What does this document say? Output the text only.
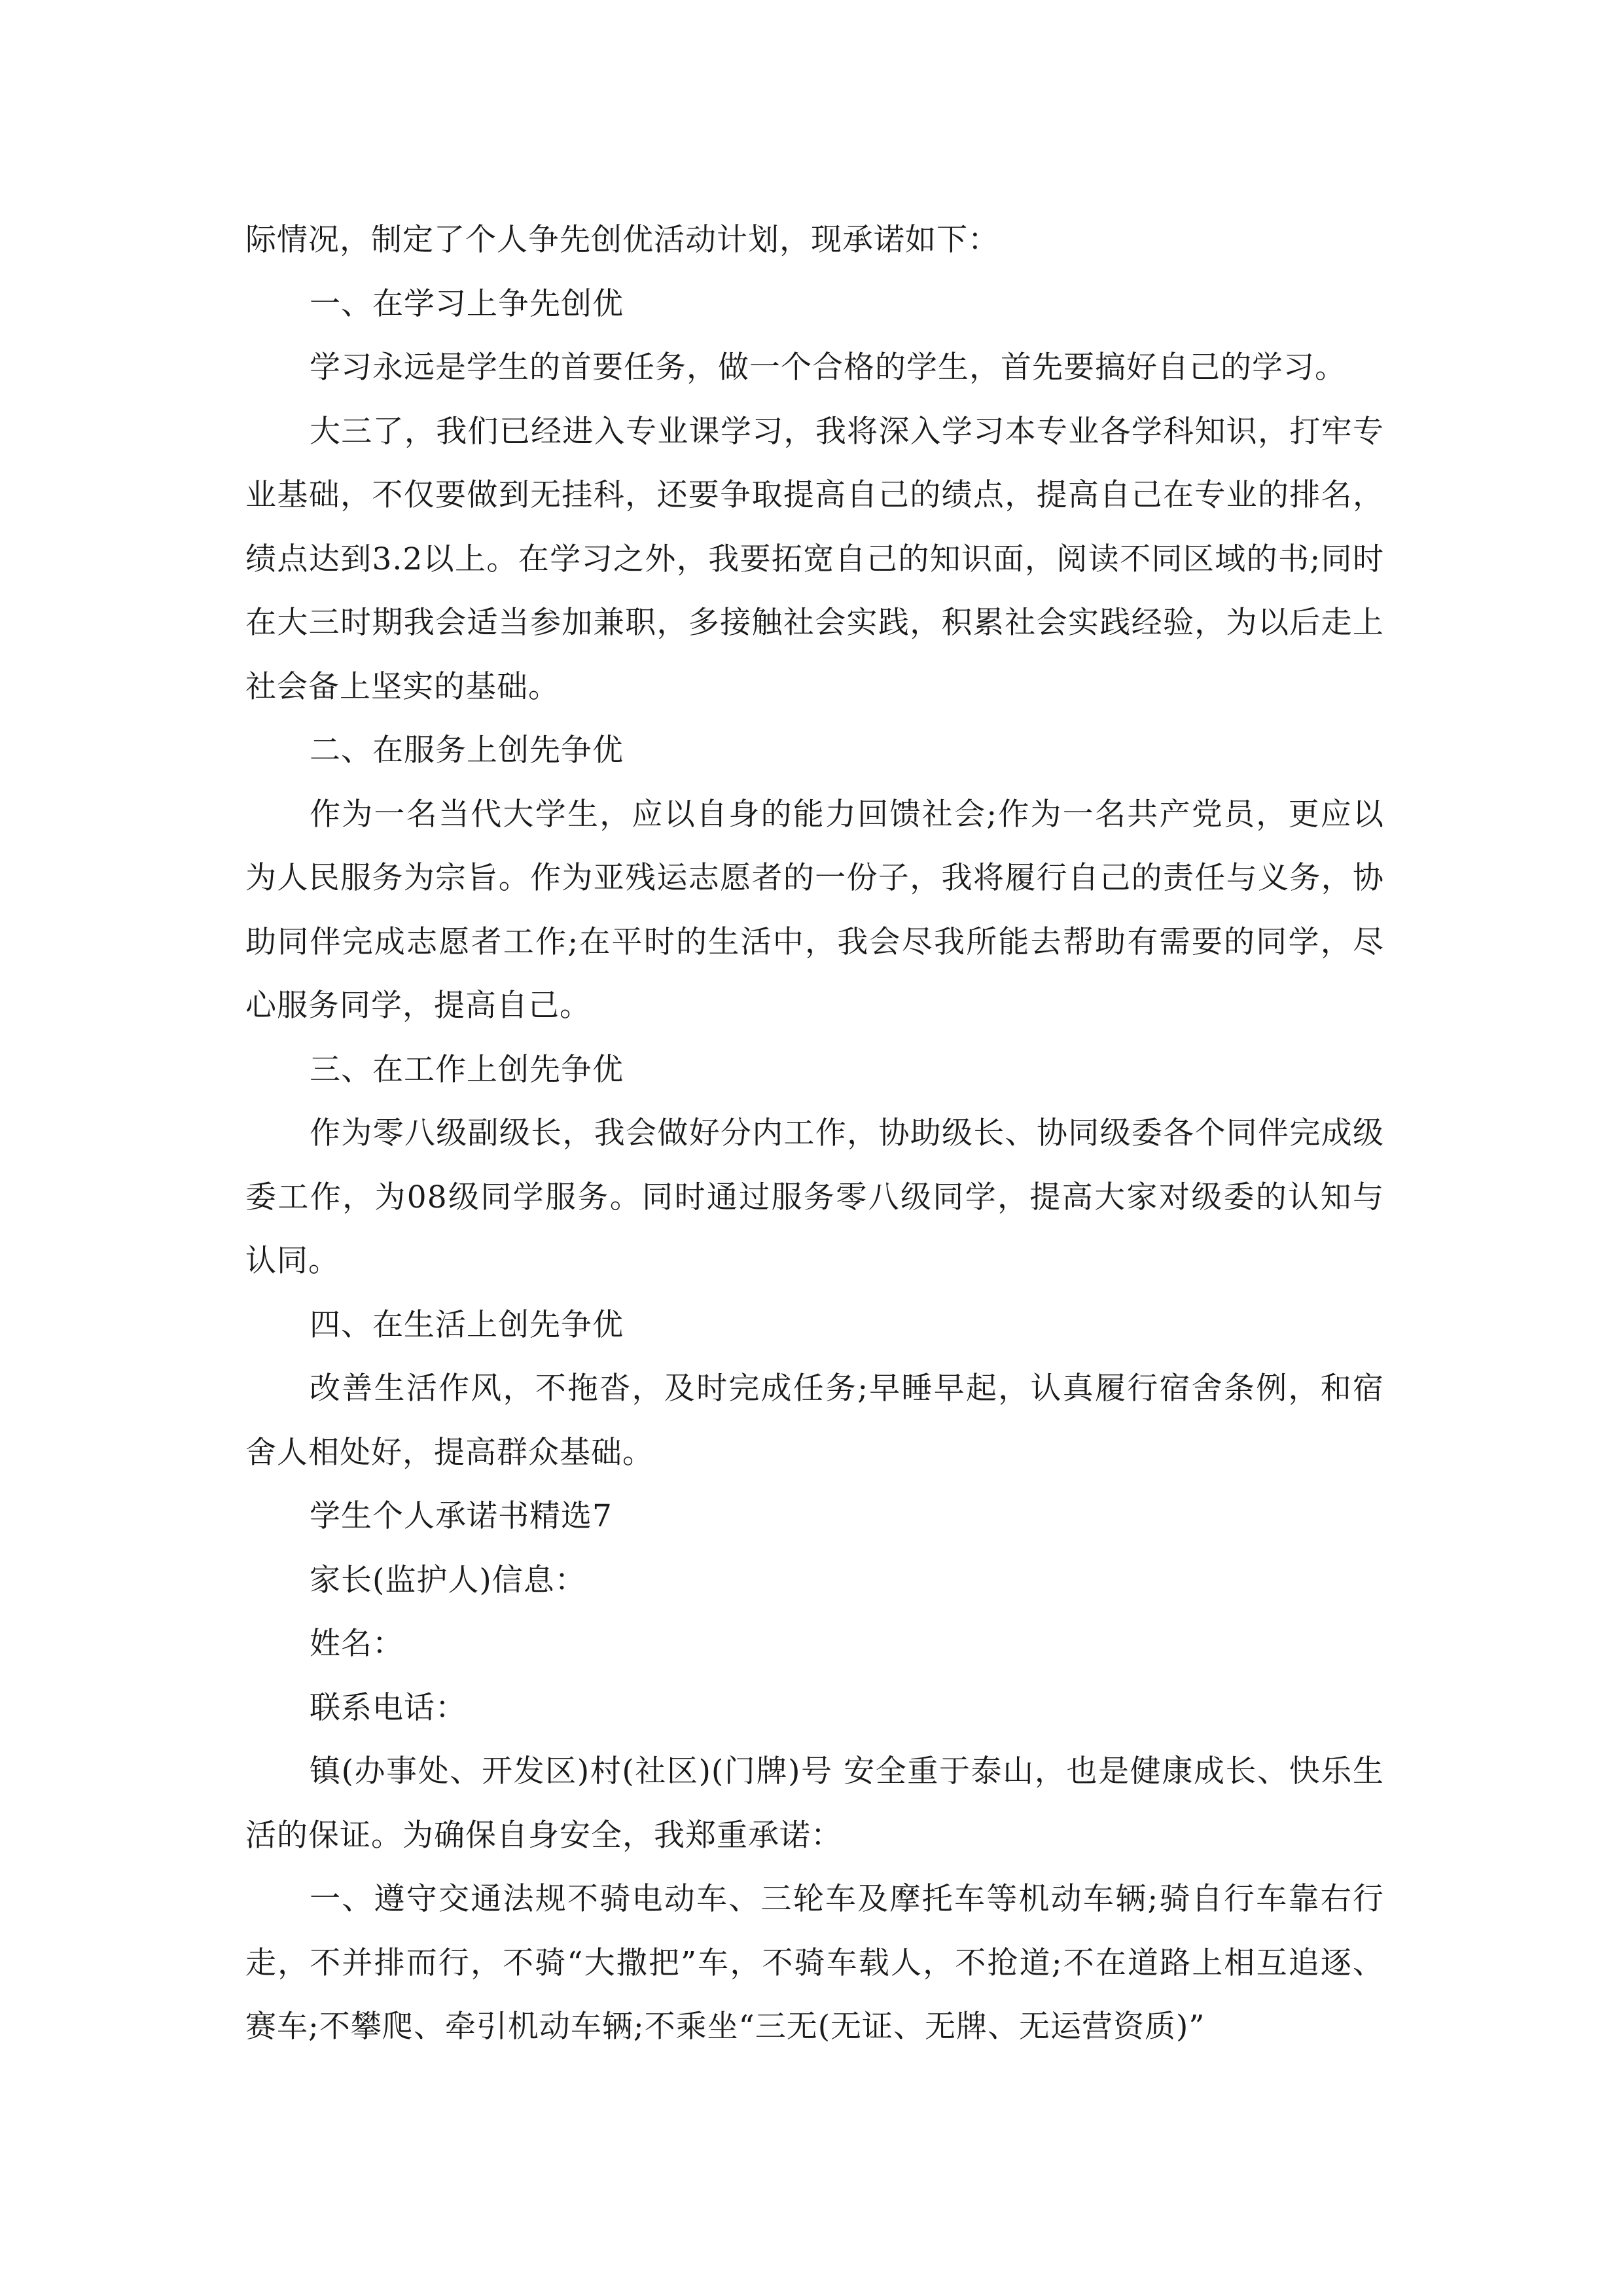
际情况，制定了个人争先创优活动计划，现承诺如下：

一、在学习上争先创优

学习永远是学生的首要任务，做一个合格的学生，首先要搞好自己的学习。

大三了，我们已经进入专业课学习，我将深入学习本专业各学科知识，打牢专业基础，不仅要做到无挂科，还要争取提高自己的绩点，提高自己在专业的排名，绩点达到3.2以上。在学习之外，我要拓宽自己的知识面，阅读不同区域的书;同时在大三时期我会适当参加兼职，多接触社会实践，积累社会实践经验，为以后走上社会备上坚实的基础。

二、在服务上创先争优

作为一名当代大学生，应以自身的能力回馈社会;作为一名共产党员，更应以为人民服务为宗旨。作为亚残运志愿者的一份子，我将履行自己的责任与义务，协助同伴完成志愿者工作;在平时的生活中，我会尽我所能去帮助有需要的同学，尽心服务同学，提高自己。

三、在工作上创先争优

作为零八级副级长，我会做好分内工作，协助级长、协同级委各个同伴完成级委工作，为08级同学服务。同时通过服务零八级同学，提高大家对级委的认知与认同。

四、在生活上创先争优

改善生活作风，不拖沓，及时完成任务;早睡早起，认真履行宿舍条例，和宿舍人相处好，提高群众基础。

学生个人承诺书精选7

家长(监护人)信息：

姓名：

联系电话：

镇(办事处、开发区)村(社区)(门牌)号 安全重于泰山，也是健康成长、快乐生活的保证。为确保自身安全，我郑重承诺：

一、遵守交通法规不骑电动车、三轮车及摩托车等机动车辆;骑自行车靠右行走，不并排而行，不骑“大撒把”车，不骑车载人，不抢道;不在道路上相互追逐、赛车;不攀爬、牵引机动车辆;不乘坐“三无(无证、无牌、无运营资质)”
